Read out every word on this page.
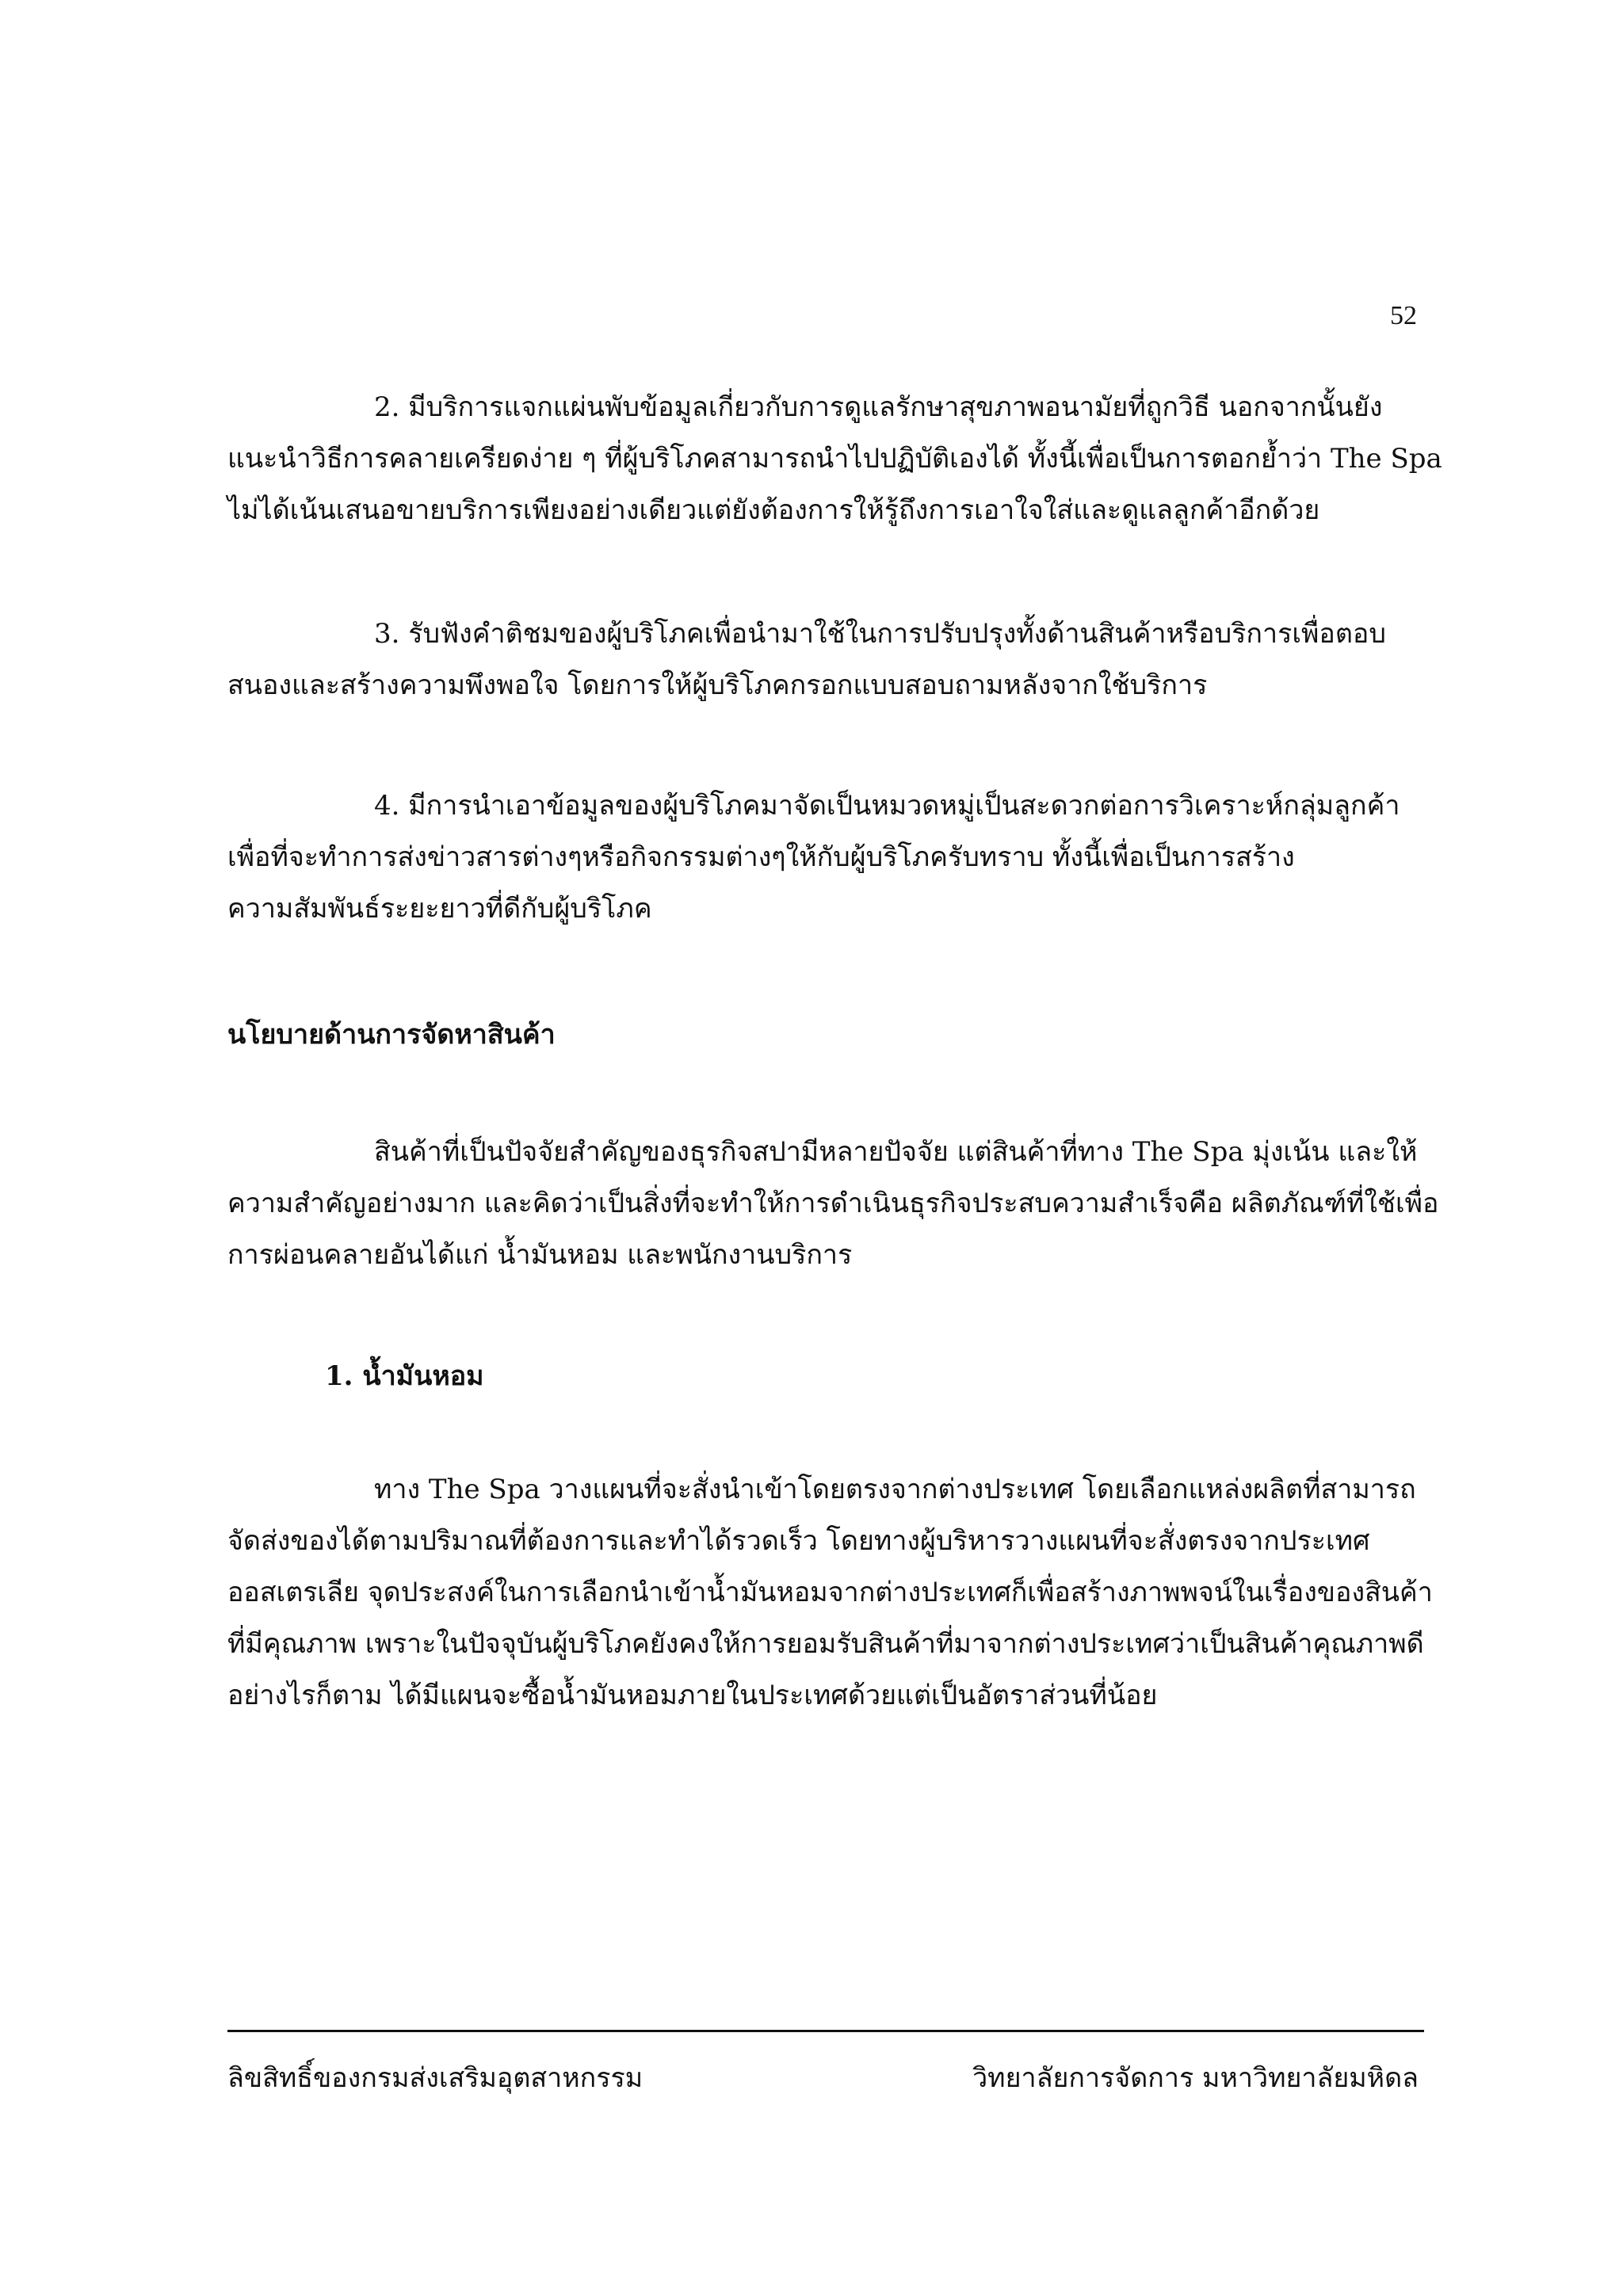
52

2. มีบริการแจกแผ่นพับข้อมูลเกี่ยวกับการดูแลรักษาสุขภาพอนามัยที่ถูกวิธี นอกจากนั้นยัง

แนะนำวิธีการคลายเครียดง่าย ๆ ที่ผู้บริโภคสามารถนำไปปฏิบัติเองได้ ทั้งนี้เพื่อเป็นการตอกย้ำว่า The Spa

ไม่ได้เน้นเสนอขายบริการเพียงอย่างเดียวแต่ยังต้องการให้รู้ถึงการเอาใจใส่และดูแลลูกค้าอีกด้วย

3. รับฟังคำติชมของผู้บริโภคเพื่อนำมาใช้ในการปรับปรุงทั้งด้านสินค้าหรือบริการเพื่อตอบ

สนองและสร้างความพึงพอใจ โดยการให้ผู้บริโภคกรอกแบบสอบถามหลังจากใช้บริการ

4. มีการนำเอาข้อมูลของผู้บริโภคมาจัดเป็นหมวดหมู่เป็นสะดวกต่อการวิเคราะห์กลุ่มลูกค้า

เพื่อที่จะทำการส่งข่าวสารต่างๆหรือกิจกรรมต่างๆให้กับผู้บริโภครับทราบ ทั้งนี้เพื่อเป็นการสร้าง

ความสัมพันธ์ระยะยาวที่ดีกับผู้บริโภค

นโยบายด้านการจัดหาสินค้า

สินค้าที่เป็นปัจจัยสำคัญของธุรกิจสปามีหลายปัจจัย แต่สินค้าที่ทาง The Spa มุ่งเน้น และให้

ความสำคัญอย่างมาก และคิดว่าเป็นสิ่งที่จะทำให้การดำเนินธุรกิจประสบความสำเร็จคือ ผลิตภัณฑ์ที่ใช้เพื่อ

การผ่อนคลายอันได้แก่ น้ำมันหอม และพนักงานบริการ

1. น้ำมันหอม

ทาง The Spa วางแผนที่จะสั่งนำเข้าโดยตรงจากต่างประเทศ โดยเลือกแหล่งผลิตที่สามารถ

จัดส่งของได้ตามปริมาณที่ต้องการและทำได้รวดเร็ว โดยทางผู้บริหารวางแผนที่จะสั่งตรงจากประเทศ

ออสเตรเลีย จุดประสงค์ในการเลือกนำเข้าน้ำมันหอมจากต่างประเทศก็เพื่อสร้างภาพพจน์ในเรื่องของสินค้า

ที่มีคุณภาพ เพราะในปัจจุบันผู้บริโภคยังคงให้การยอมรับสินค้าที่มาจากต่างประเทศว่าเป็นสินค้าคุณภาพดี

อย่างไรก็ตาม ได้มีแผนจะซื้อน้ำมันหอมภายในประเทศด้วยแต่เป็นอัตราส่วนที่น้อย

ลิขสิทธิ์ของกรมส่งเสริมอุตสาหกรรม	วิทยาลัยการจัดการ มหาวิทยาลัยมหิดล
